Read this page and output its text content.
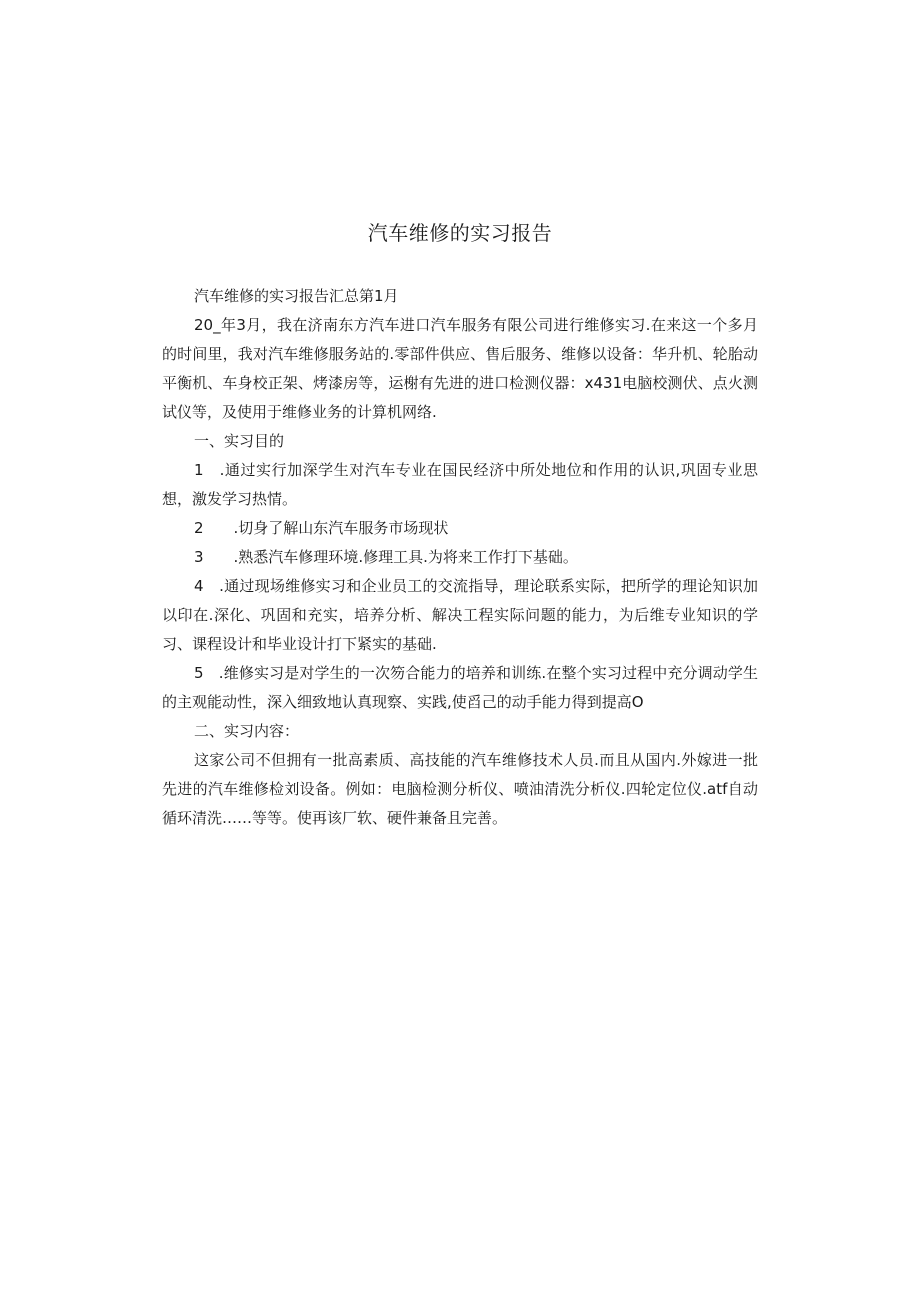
汽车维修的实习报告

汽车维修的实习报告汇总第1月

20_年3月，我在济南东方汽车进口汽车服务有限公司进行维修实习.在来这一个多月的时间里，我对汽车维修服务站的.零部件供应、售后服务、维修以设备：华升机、轮胎动平衡机、车身校正架、烤漆房等，运榭有先进的进口检测仪器：x431电脑校测伏、点火测试仪等，及使用于维修业务的计算机网络.

一、实习目的

1　.通过实行加深学生对汽车专业在国民经济中所处地位和作用的认识,巩固专业思想，激发学习热情。

2　　.切身了解山东汽车服务市场现状

3　　.熟悉汽车修理环境.修理工具.为将来工作打下基础。

4　.通过现场维修实习和企业员工的交流指导，理论联系实际，把所学的理论知识加以印在.深化、巩固和充实，培养分析、解决工程实际问题的能力，为后维专业知识的学习、课程设计和毕业设计打下紧实的基础.

5　.维修实习是对学生的一次笏合能力的培养和训练.在整个实习过程中充分调动学生的主观能动性，深入细致地认真现察、实践,使舀己的动手能力得到提高O

二、实习内容：

这家公司不但拥有一批高素质、高技能的汽车维修技术人员.而且从国内.外嫁进一批先进的汽车维修检刘设备。例如：电脑检测分析仪、喷油清洗分析仪.四轮定位仪.atf自动循环清洗……等等。使再该厂软、硬件兼备且完善。
